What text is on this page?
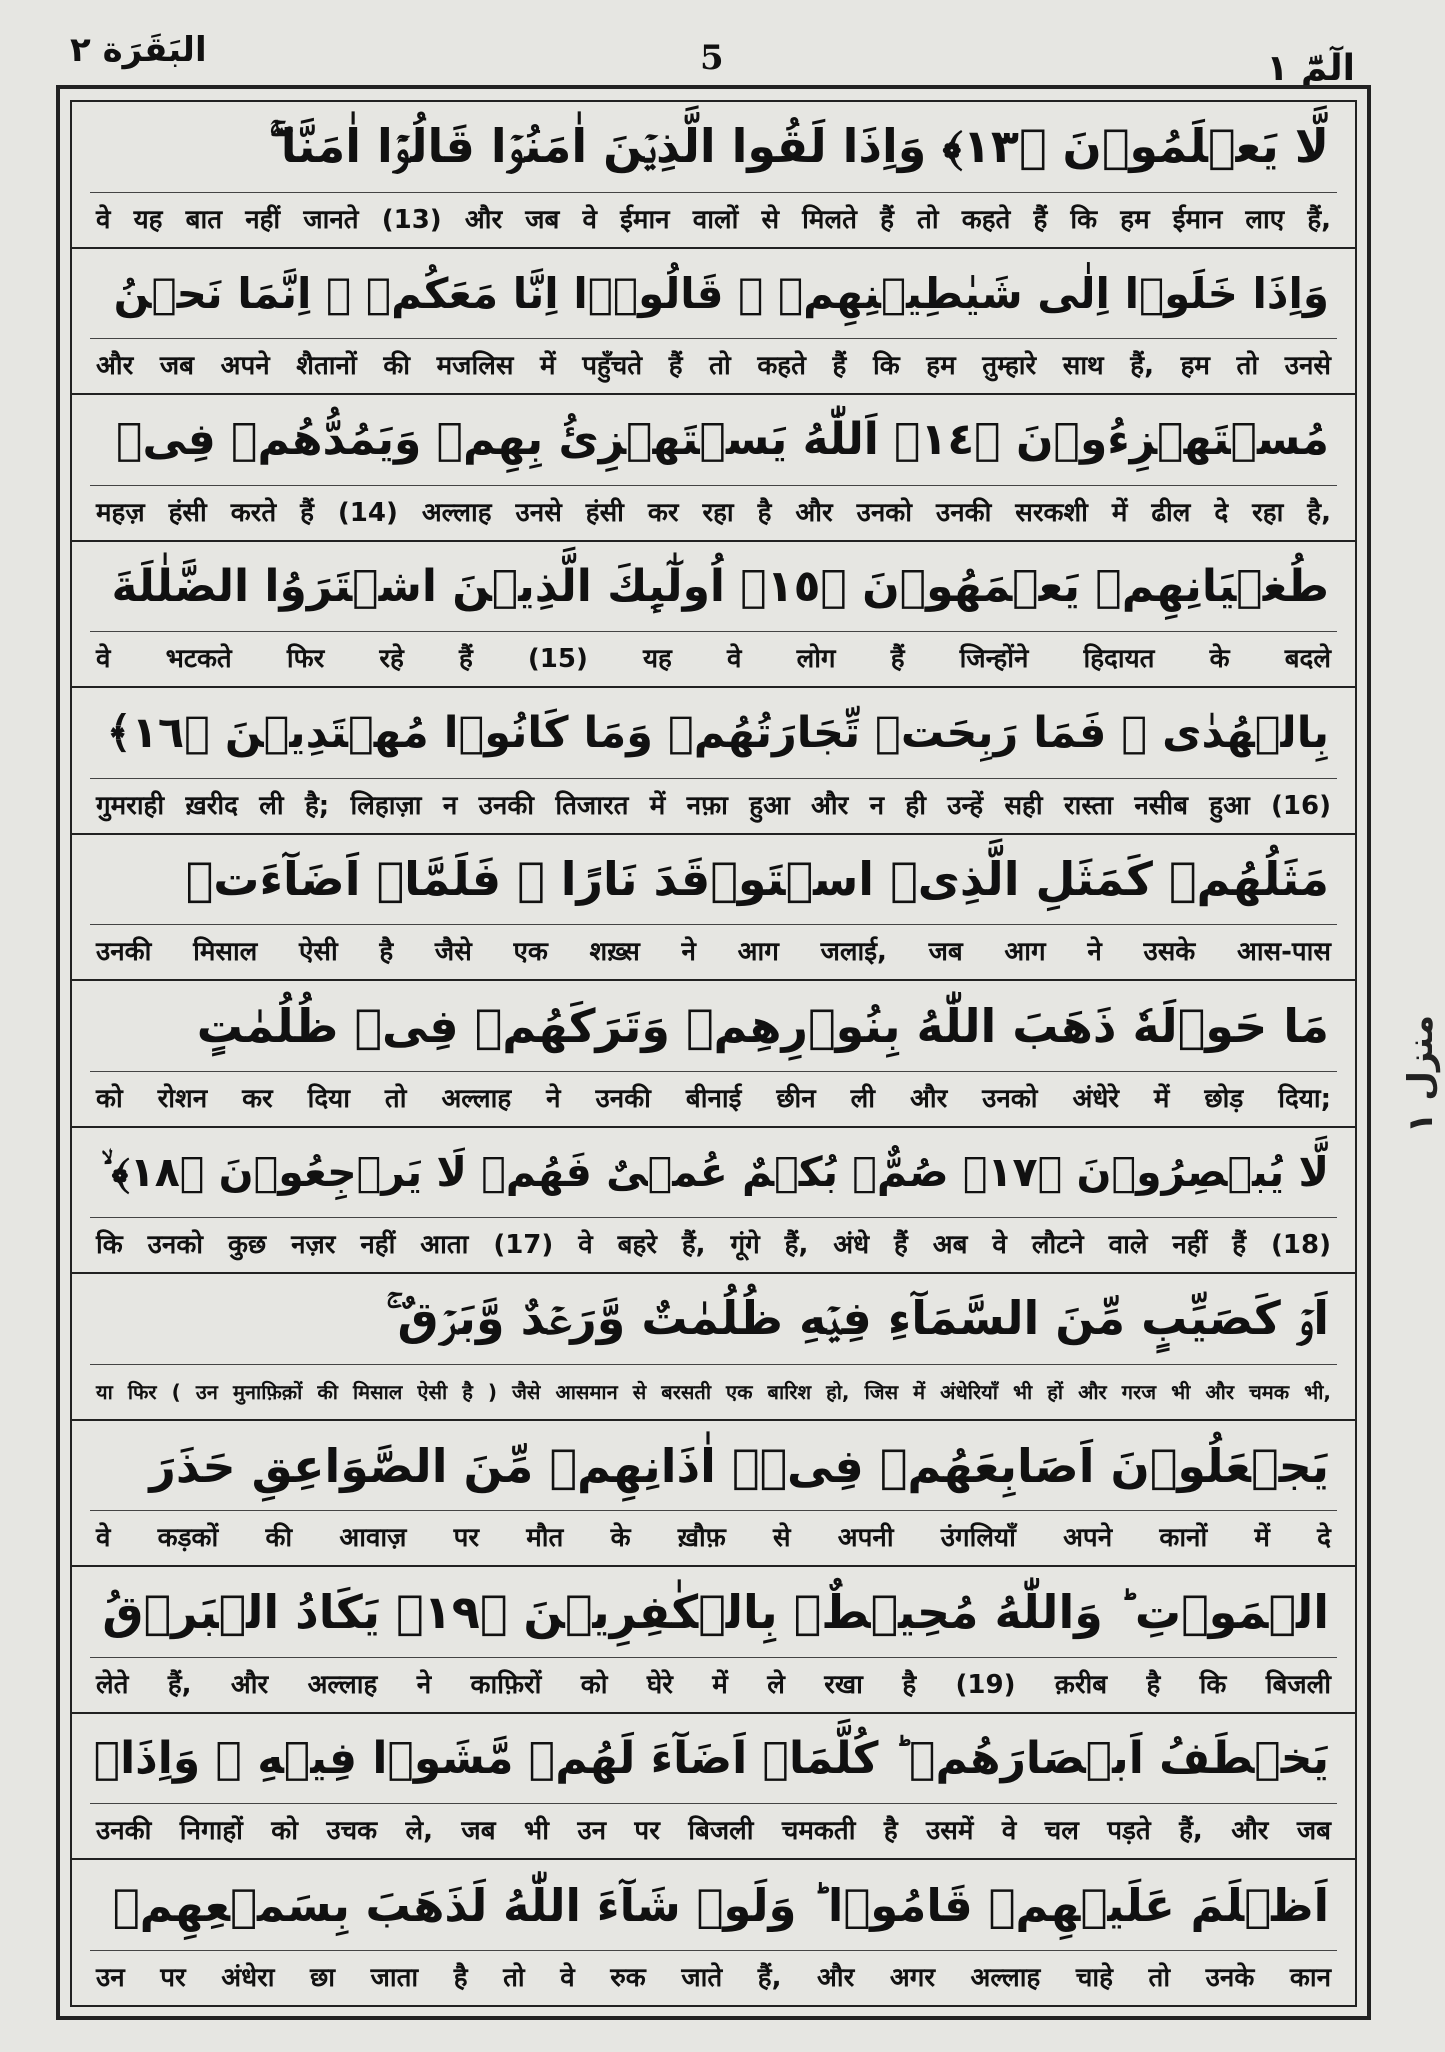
البَقَرَة ٢	5	الٓمّٓ ١
منزل ١
لَّا يَعۡلَمُوۡنَ ﴿١٣﴾ وَاِذَا لَقُوا الَّذِيۡنَ اٰمَنُوۡا قَالُوۡۤا اٰمَنَّا ۖۚ
वे यह बात नहीं जानते (13) और जब वे ईमान वालों से मिलते हैं तो कहते हैं कि हम ईमान लाए हैं,
وَاِذَا خَلَوۡا اِلٰى شَيٰطِيۡنِهِمۡ ۙ قَالُوۡۤا اِنَّا مَعَكُمۡ ۙ اِنَّمَا نَحۡنُ
और जब अपने शैतानों की मजलिस में पहुँचते हैं तो कहते हैं कि हम तुम्हारे साथ हैं, हम तो उनसे
مُسۡتَهۡزِءُوۡنَ ﴿١٤﴾ اَللّٰهُ يَسۡتَهۡزِئُ بِهِمۡ وَيَمُدُّهُمۡ فِىۡ
महज़ हंसी करते हैं (14) अल्लाह उनसे हंसी कर रहा है और उनको उनकी सरकशी में ढील दे रहा है,
طُغۡيَانِهِمۡ يَعۡمَهُوۡنَ ﴿١٥﴾ اُولٰٓٮِٕكَ الَّذِيۡنَ اشۡتَرَوُا الضَّلٰلَةَ
वे भटकते फिर रहे हैं (15) यह वे लोग हैं जिन्होंने हिदायत के बदले
بِالۡهُدٰى ۖ فَمَا رَبِحَتۡ تِّجَارَتُهُمۡ وَمَا كَانُوۡا مُهۡتَدِيۡنَ ﴿١٦﴾
गुमराही ख़रीद ली है; लिहाज़ा न उनकी तिजारत में नफ़ा हुआ और न ही उन्हें सही रास्ता नसीब हुआ (16)
مَثَلُهُمۡ كَمَثَلِ الَّذِىۡ اسۡتَوۡقَدَ نَارًا ۚ فَلَمَّاۤ اَضَآءَتۡ
उनकी मिसाल ऐसी है जैसे एक शख़्स ने आग जलाई, जब आग ने उसके आस-पास
مَا حَوۡلَهٗ ذَهَبَ اللّٰهُ بِنُوۡرِهِمۡ وَتَرَكَهُمۡ فِىۡ ظُلُمٰتٍ
को रोशन कर दिया तो अल्लाह ने उनकी बीनाई छीन ली और उनको अंधेरे में छोड़ दिया;
لَّا يُبۡصِرُوۡنَ ﴿١٧﴾ صُمٌّۢ بُكۡمٌ عُمۡىٌ فَهُمۡ لَا يَرۡجِعُوۡنَ ﴿١٨﴾ ۙ
कि उनको कुछ नज़र नहीं आता (17) वे बहरे हैं, गूंगे हैं, अंधे हैं अब वे लौटने वाले नहीं हैं (18)
اَوۡ كَصَيِّبٍ مِّنَ السَّمَآءِ فِيۡهِ ظُلُمٰتٌ وَّرَعۡدٌ وَّبَرۡقٌ ۚ
या फिर ( उन मुनाफ़िक़ों की मिसाल ऐसी है ) जैसे आसमान से बरसती एक बारिश हो, जिस में अंधेरियाँ भी हों और गरज भी और चमक भी,
يَجۡعَلُوۡنَ اَصَابِعَهُمۡ فِىۡۤ اٰذَانِهِمۡ مِّنَ الصَّوَاعِقِ حَذَرَ
वे कड़कों की आवाज़ पर मौत के ख़ौफ़ से अपनी उंगलियाँ अपने कानों में दे
الۡمَوۡتِ ؕ وَاللّٰهُ مُحِيۡطٌۢ بِالۡكٰفِرِيۡنَ ﴿١٩﴾ يَكَادُ الۡبَرۡقُ
लेते हैं, और अल्लाह ने काफ़िरों को घेरे में ले रखा है (19) क़रीब है कि बिजली
يَخۡطَفُ اَبۡصَارَهُمۡ ؕ كُلَّمَاۤ اَضَآءَ لَهُمۡ مَّشَوۡا فِيۡهِ ۙ وَاِذَاۤ
उनकी निगाहों को उचक ले, जब भी उन पर बिजली चमकती है उसमें वे चल पड़ते हैं, और जब
اَظۡلَمَ عَلَيۡهِمۡ قَامُوۡا ؕ وَلَوۡ شَآءَ اللّٰهُ لَذَهَبَ بِسَمۡعِهِمۡ
उन पर अंधेरा छा जाता है तो वे रुक जाते हैं, और अगर अल्लाह चाहे तो उनके कान
